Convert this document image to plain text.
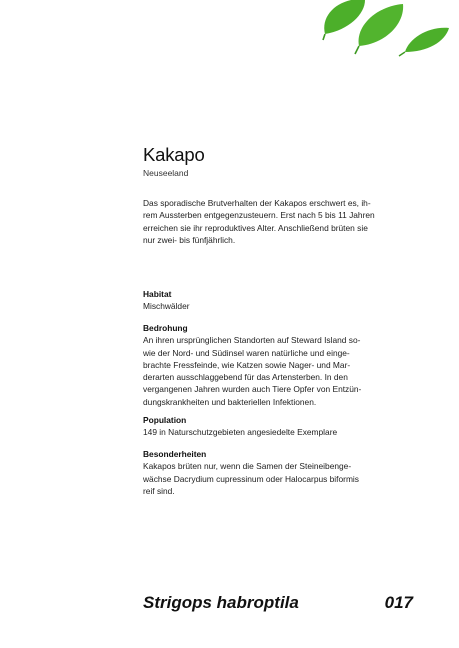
Kakapo
Neuseeland
Das sporadische Brutverhalten der Kakapos erschwert es, ih-
rem Aussterben entgegenzusteuern. Erst nach 5 bis 11 Jahren
erreichen sie ihr reproduktives Alter. Anschließend brüten sie
nur zwei- bis fünfjährlich.
Habitat
Mischwälder
Bedrohung
An ihren ursprünglichen Standorten auf Steward Island so-
wie der Nord- und Südinsel waren natürliche und einge-
brachte Fressfeinde, wie Katzen sowie Nager- und Mar-
derarten ausschlaggebend für das Artensterben. In den
vergangenen Jahren wurden auch Tiere Opfer von Entzün-
dungskrankheiten und bakteriellen Infektionen.
Population
149 in Naturschutzgebieten angesiedelte Exemplare
Besonderheiten
Kakapos brüten nur, wenn die Samen der Steineibenge-
wächse Dacrydium cupressinum oder Halocarpus biformis
reif sind.
Strigops habroptila	017
